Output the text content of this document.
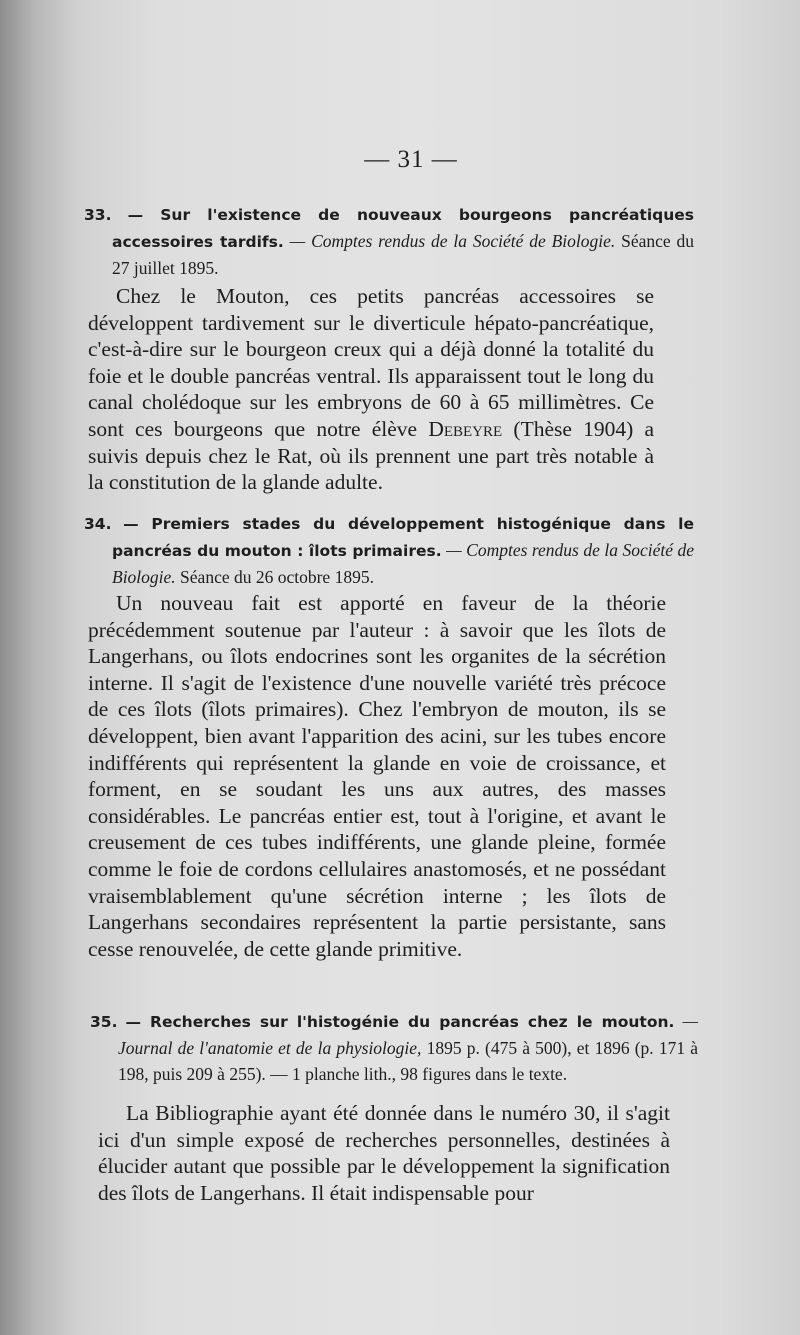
— 31 —
33. — Sur l'existence de nouveaux bourgeons pancréatiques accessoires tardifs. — Comptes rendus de la Société de Biologie. Séance du 27 juillet 1895.

Chez le Mouton, ces petits pancréas accessoires se développent tardivement sur le diverticule hépato-pancréatique, c'est-à-dire sur le bourgeon creux qui a déjà donné la totalité du foie et le double pancréas ventral. Ils apparaissent tout le long du canal cholédoque sur les embryons de 60 à 65 millimètres. Ce sont ces bourgeons que notre élève Debeyre (Thèse 1904) a suivis depuis chez le Rat, où ils prennent une part très notable à la constitution de la glande adulte.

34. — Premiers stades du développement histogénique dans le pancréas du mouton : îlots primaires. — Comptes rendus de la Société de Biologie. Séance du 26 octobre 1895.

Un nouveau fait est apporté en faveur de la théorie précédemment soutenue par l'auteur : à savoir que les îlots de Langerhans, ou îlots endocrines sont les organites de la sécrétion interne. Il s'agit de l'existence d'une nouvelle variété très précoce de ces îlots (îlots primaires). Chez l'embryon de mouton, ils se développent, bien avant l'apparition des acini, sur les tubes encore indifférents qui représentent la glande en voie de croissance, et forment, en se soudant les uns aux autres, des masses considérables. Le pancréas entier est, tout à l'origine, et avant le creusement de ces tubes indifférents, une glande pleine, formée comme le foie de cordons cellulaires anastomosés, et ne possédant vraisemblablement qu'une sécrétion interne ; les îlots de Langerhans secondaires représentent la partie persistante, sans cesse renouvelée, de cette glande primitive.

35. — Recherches sur l'histogénie du pancréas chez le mouton. — Journal de l'anatomie et de la physiologie, 1895 p. (475 à 500), et 1896 (p. 171 à 198, puis 209 à 255). — 1 planche lith., 98 figures dans le texte.

La Bibliographie ayant été donnée dans le numéro 30, il s'agit ici d'un simple exposé de recherches personnelles, destinées à élucider autant que possible par le développement la signification des îlots de Langerhans. Il était indispensable pour
